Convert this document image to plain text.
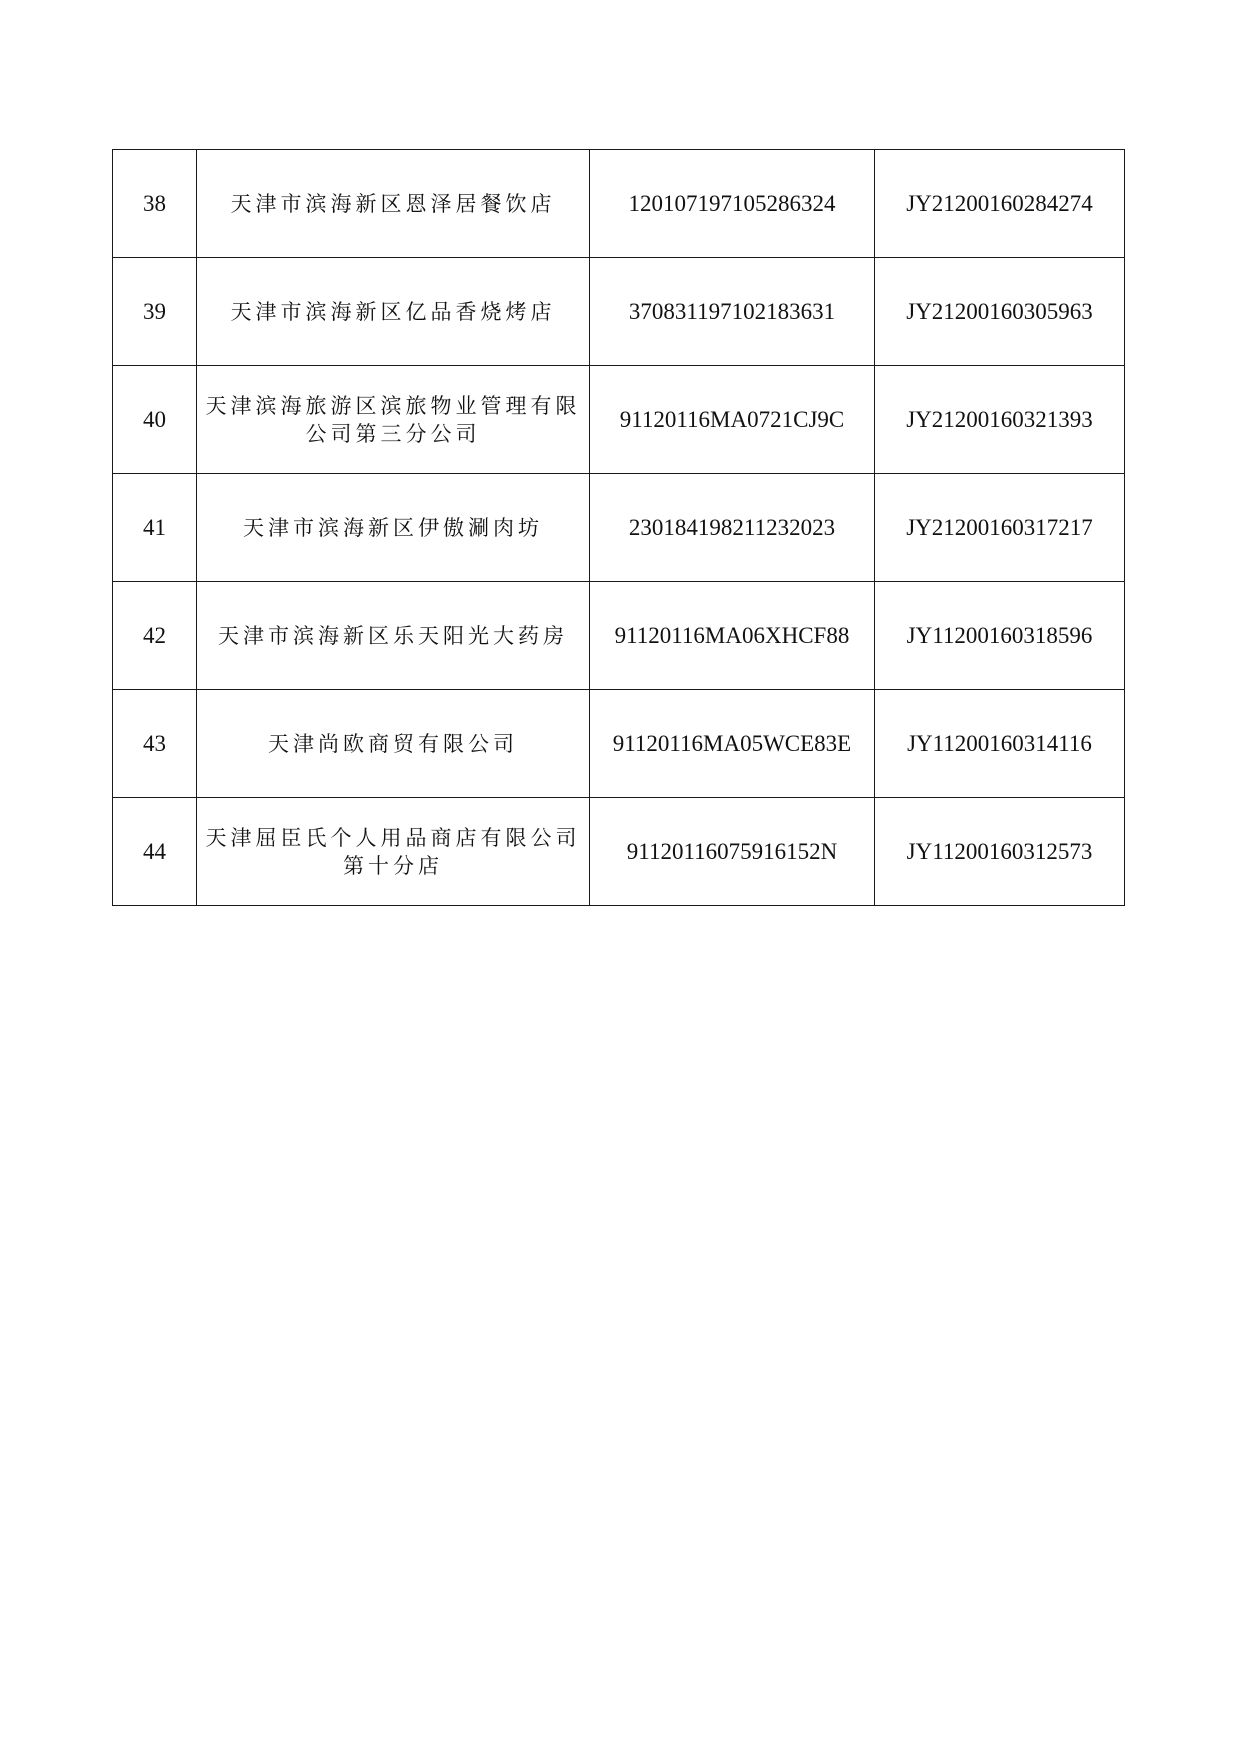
38	天津市滨海新区恩泽居餐饮店	120107197105286324	JY21200160284274
39	天津市滨海新区亿品香烧烤店	370831197102183631	JY21200160305963
40	天津滨海旅游区滨旅物业管理有限公司第三分公司	91120116MA0721CJ9C	JY21200160321393
41	天津市滨海新区伊傲涮肉坊	230184198211232023	JY21200160317217
42	天津市滨海新区乐天阳光大药房	91120116MA06XHCF88	JY11200160318596
43	天津尚欧商贸有限公司	91120116MA05WCE83E	JY11200160314116
44	天津屈臣氏个人用品商店有限公司第十分店	91120116075916152N	JY11200160312573
